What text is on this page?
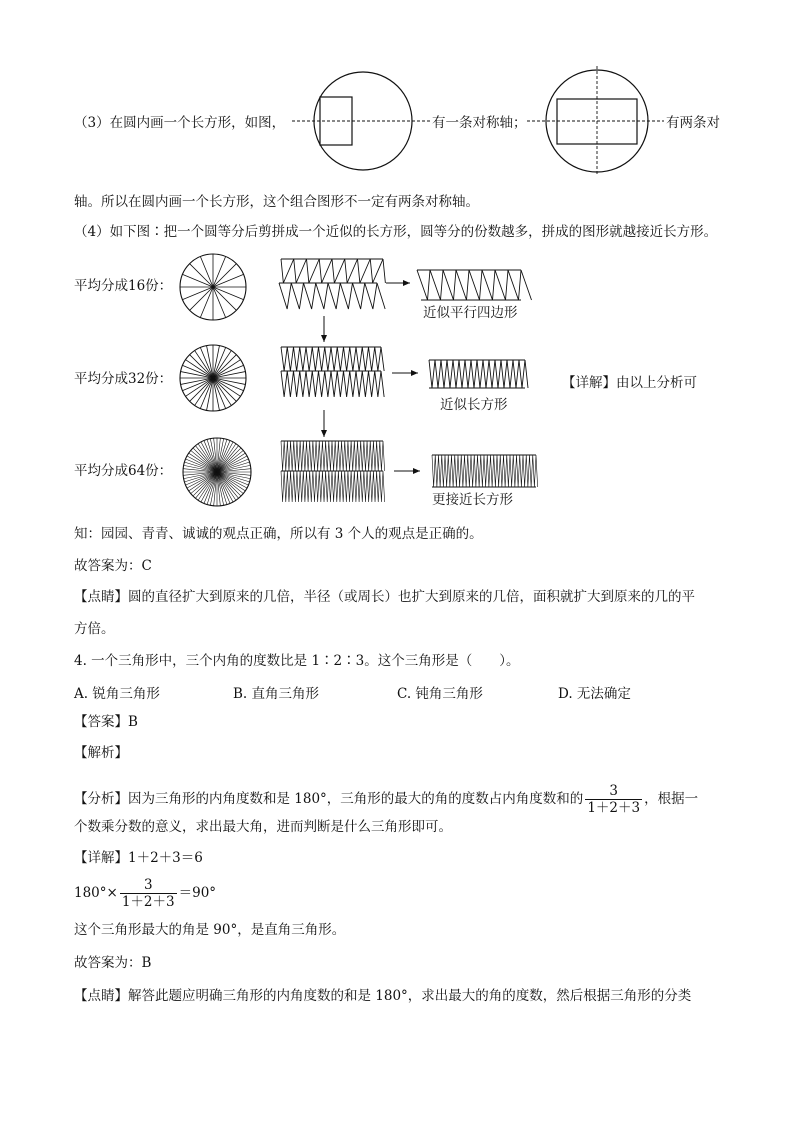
（3）在圆内画一个长方形，如图，	有一条对称轴；	有两条对
轴。所以在圆内画一个长方形，这个组合图形不一定有两条对称轴。
（4）如下图∶把一个圆等分后剪拼成一个近似的长方形，圆等分的份数越多，拼成的图形就越接近长方形。
平均分成16份：
平均分成32份：
平均分成64份：
近似平行四边形
近似长方形
更接近长方形
【详解】由以上分析可
知：园园、青青、诚诚的观点正确，所以有 3 个人的观点是正确的。
故答案为：C
【点睛】圆的直径扩大到原来的几倍，半径（或周长）也扩大到原来的几倍，面积就扩大到原来的几的平
方倍。
4. 一个三角形中，三个内角的度数比是 1∶2∶3。这个三角形是（　　）。
A. 锐角三角形	B. 直角三角形	C. 钝角三角形	D. 无法确定
【答案】B
【解析】
【分析】因为三角形的内角度数和是 180°，三角形的最大的角的度数占内角度数和的 $\frac{3}{1+2+3}$ ，根据一
个数乘分数的意义，求出最大角，进而判断是什么三角形即可。
【详解】1＋2＋3＝6
$180^\circ\times \frac{3}{1+2+3} =90^\circ$
这个三角形最大的角是 90°，是直角三角形。
故答案为：B
【点睛】解答此题应明确三角形的内角度数的和是 180°，求出最大的角的度数，然后根据三角形的分类
